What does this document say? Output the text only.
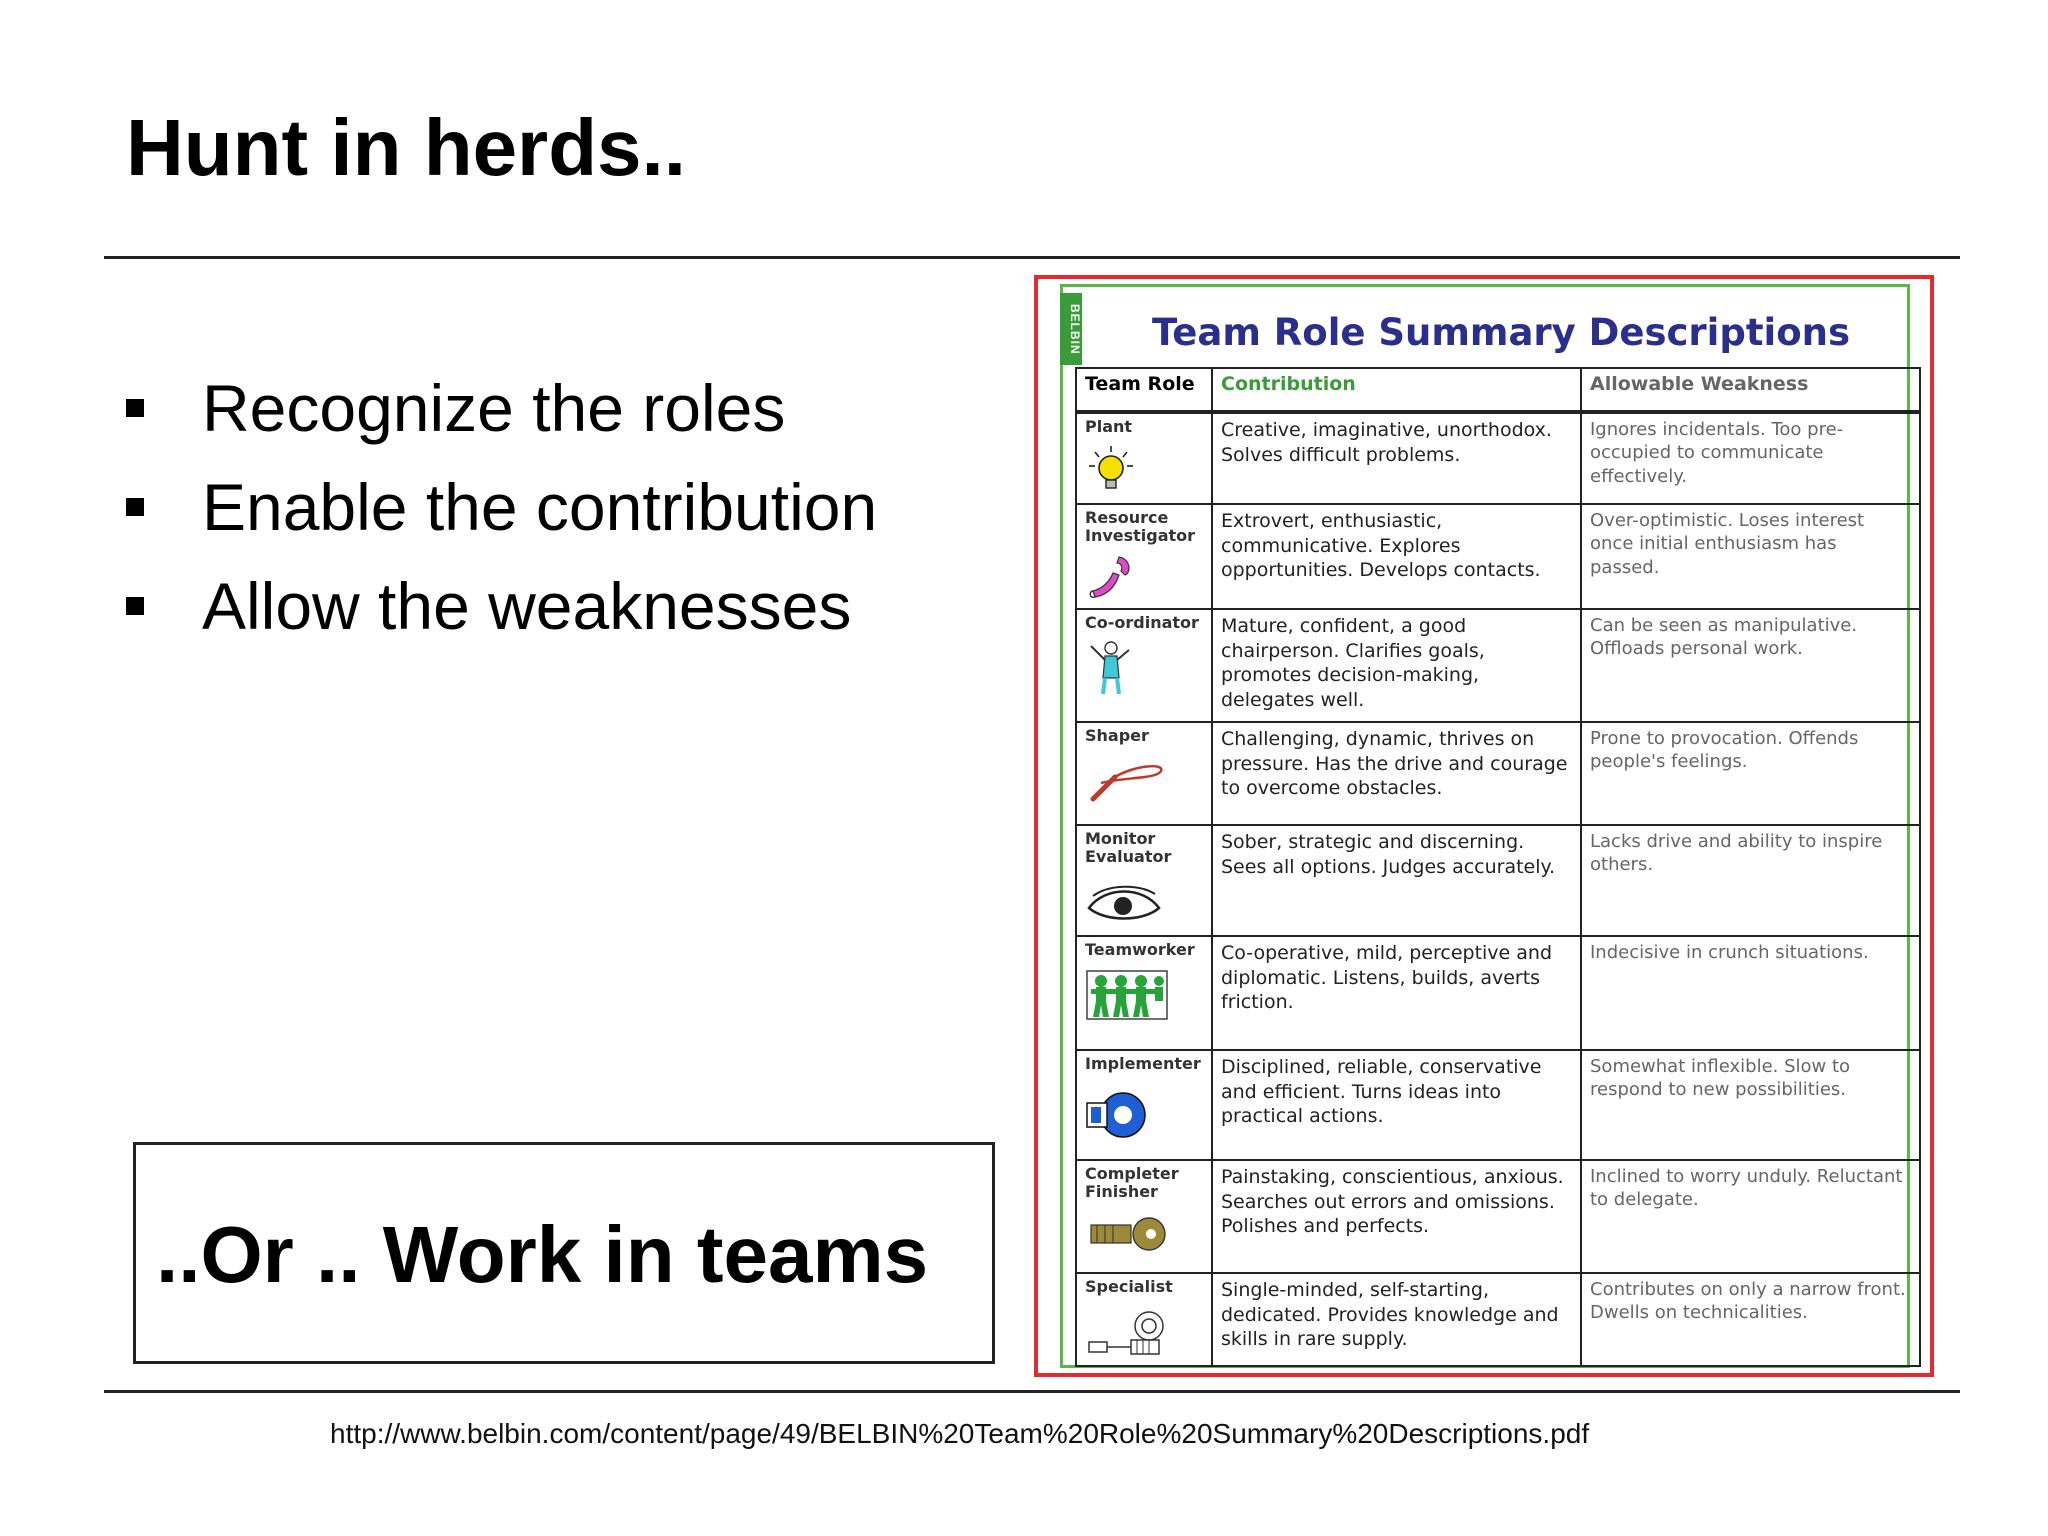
Hunt in herds..
Recognize the roles
Enable the contribution
Allow the weaknesses
..Or .. Work in teams
http://www.belbin.com/content/page/49/BELBIN%20Team%20Role%20Summary%20Descriptions.pdf
BELBIN	Team Role Summary Descriptions
Team Role	Contribution	Allowable Weakness

Plant	Creative, imaginative, unorthodox. Solves difficult problems.	Ignores incidentals. Too pre-occupied to communicate effectively.

Resource Investigator	Extrovert, enthusiastic, communicative. Explores opportunities. Develops contacts.	Over-optimistic. Loses interest once initial enthusiasm has passed.

Co-ordinator	Mature, confident, a good chairperson. Clarifies goals, promotes decision-making, delegates well.	Can be seen as manipulative. Offloads personal work.

Shaper	Challenging, dynamic, thrives on pressure. Has the drive and courage to overcome obstacles.	Prone to provocation. Offends people's feelings.

Monitor Evaluator	Sober, strategic and discerning. Sees all options. Judges accurately.	Lacks drive and ability to inspire others.

Teamworker	Co-operative, mild, perceptive and diplomatic. Listens, builds, averts friction.	Indecisive in crunch situations.

Implementer	Disciplined, reliable, conservative and efficient. Turns ideas into practical actions.	Somewhat inflexible. Slow to respond to new possibilities.

Completer Finisher	Painstaking, conscientious, anxious. Searches out errors and omissions. Polishes and perfects.	Inclined to worry unduly. Reluctant to delegate.

Specialist	Single-minded, self-starting, dedicated. Provides knowledge and skills in rare supply.	Contributes on only a narrow front. Dwells on technicalities.
